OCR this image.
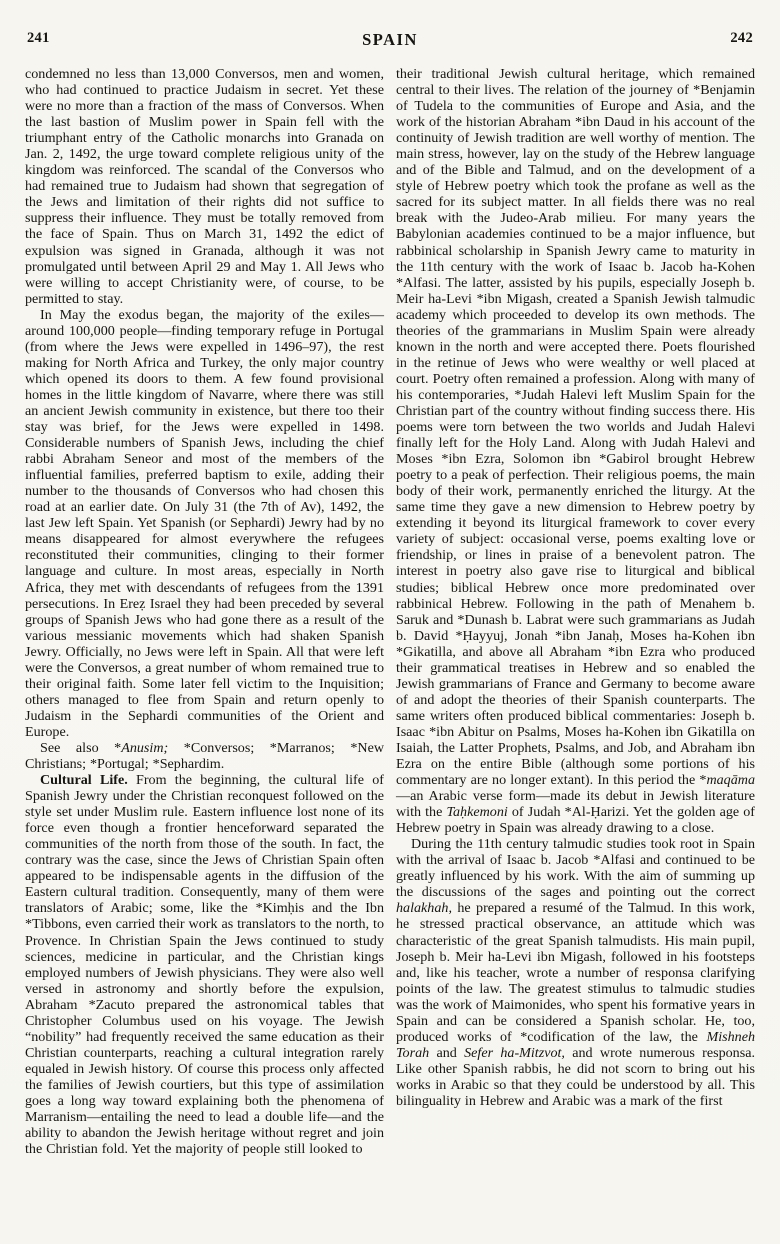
241	SPAIN	242

condemned no less than 13,000 Conversos, men and women, who had continued to practice Judaism in secret. Yet these were no more than a fraction of the mass of Conversos. When the last bastion of Muslim power in Spain fell with the triumphant entry of the Catholic monarchs into Granada on Jan. 2, 1492, the urge toward complete religious unity of the kingdom was reinforced. The scandal of the Conversos who had remained true to Judaism had shown that segregation of the Jews and limitation of their rights did not suffice to suppress their influence. They must be totally removed from the face of Spain. Thus on March 31, 1492 the edict of expulsion was signed in Granada, although it was not promulgated until between April 29 and May 1. All Jews who were willing to accept Christianity were, of course, to be permitted to stay.

In May the exodus began, the majority of the exiles—around 100,000 people—finding temporary refuge in Portugal (from where the Jews were expelled in 1496–97), the rest making for North Africa and Turkey, the only major country which opened its doors to them. A few found provisional homes in the little kingdom of Navarre, where there was still an ancient Jewish community in existence, but there too their stay was brief, for the Jews were expelled in 1498. Considerable numbers of Spanish Jews, including the chief rabbi Abraham Seneor and most of the members of the influential families, preferred baptism to exile, adding their number to the thousands of Conversos who had chosen this road at an earlier date. On July 31 (the 7th of Av), 1492, the last Jew left Spain. Yet Spanish (or Sephardi) Jewry had by no means disappeared for almost everywhere the refugees reconstituted their communities, clinging to their former language and culture. In most areas, especially in North Africa, they met with descendants of refugees from the 1391 persecutions. In Ereẓ Israel they had been preceded by several groups of Spanish Jews who had gone there as a result of the various messianic movements which had shaken Spanish Jewry. Officially, no Jews were left in Spain. All that were left were the Conversos, a great number of whom remained true to their original faith. Some later fell victim to the Inquisition; others managed to flee from Spain and return openly to Judaism in the Sephardi communities of the Orient and Europe.

See also *Anusim; *Conversos; *Marranos; *New Christians; *Portugal; *Sephardim.

Cultural Life. From the beginning, the cultural life of Spanish Jewry under the Christian reconquest followed on the style set under Muslim rule. Eastern influence lost none of its force even though a frontier henceforward separated the communities of the north from those of the south. In fact, the contrary was the case, since the Jews of Christian Spain often appeared to be indispensable agents in the diffusion of the Eastern cultural tradition. Consequently, many of them were translators of Arabic; some, like the *Kimḥis and the Ibn *Tibbons, even carried their work as translators to the north, to Provence. In Christian Spain the Jews continued to study sciences, medicine in particular, and the Christian kings employed numbers of Jewish physicians. They were also well versed in astronomy and shortly before the expulsion, Abraham *Zacuto prepared the astronomical tables that Christopher Columbus used on his voyage. The Jewish “nobility” had frequently received the same education as their Christian counterparts, reaching a cultural integration rarely equaled in Jewish history. Of course this process only affected the families of Jewish courtiers, but this type of assimilation goes a long way toward explaining both the phenomena of Marranism—entailing the need to lead a double life—and the ability to abandon the Jewish heritage without regret and join the Christian fold. Yet the majority of people still looked to

their traditional Jewish cultural heritage, which remained central to their lives. The relation of the journey of *Benjamin of Tudela to the communities of Europe and Asia, and the work of the historian Abraham *ibn Daud in his account of the continuity of Jewish tradition are well worthy of mention. The main stress, however, lay on the study of the Hebrew language and of the Bible and Talmud, and on the development of a style of Hebrew poetry which took the profane as well as the sacred for its subject matter. In all fields there was no real break with the Judeo-Arab milieu. For many years the Babylonian academies continued to be a major influence, but rabbinical scholarship in Spanish Jewry came to maturity in the 11th century with the work of Isaac b. Jacob ha-Kohen *Alfasi. The latter, assisted by his pupils, especially Joseph b. Meir ha-Levi *ibn Migash, created a Spanish Jewish talmudic academy which proceeded to develop its own methods. The theories of the grammarians in Muslim Spain were already known in the north and were accepted there. Poets flourished in the retinue of Jews who were wealthy or well placed at court. Poetry often remained a profession. Along with many of his contemporaries, *Judah Halevi left Muslim Spain for the Christian part of the country without finding success there. His poems were torn between the two worlds and Judah Halevi finally left for the Holy Land. Along with Judah Halevi and Moses *ibn Ezra, Solomon ibn *Gabirol brought Hebrew poetry to a peak of perfection. Their religious poems, the main body of their work, permanently enriched the liturgy. At the same time they gave a new dimension to Hebrew poetry by extending it beyond its liturgical framework to cover every variety of subject: occasional verse, poems exalting love or friendship, or lines in praise of a benevolent patron. The interest in poetry also gave rise to liturgical and biblical studies; biblical Hebrew once more predominated over rabbinical Hebrew. Following in the path of Menahem b. Saruk and *Dunash b. Labrat were such grammarians as Judah b. David *Ḥayyuj, Jonah *ibn Janaḥ, Moses ha-Kohen ibn *Gikatilla, and above all Abraham *ibn Ezra who produced their grammatical treatises in Hebrew and so enabled the Jewish grammarians of France and Germany to become aware of and adopt the theories of their Spanish counterparts. The same writers often produced biblical commentaries: Joseph b. Isaac *ibn Abitur on Psalms, Moses ha-Kohen ibn Gikatilla on Isaiah, the Latter Prophets, Psalms, and Job, and Abraham ibn Ezra on the entire Bible (although some portions of his commentary are no longer extant). In this period the *maqāma—an Arabic verse form—made its debut in Jewish literature with the Taḥkemoni of Judah *Al-Ḥarizi. Yet the golden age of Hebrew poetry in Spain was already drawing to a close.

During the 11th century talmudic studies took root in Spain with the arrival of Isaac b. Jacob *Alfasi and continued to be greatly influenced by his work. With the aim of summing up the discussions of the sages and pointing out the correct halakhah, he prepared a resumé of the Talmud. In this work, he stressed practical observance, an attitude which was characteristic of the great Spanish talmudists. His main pupil, Joseph b. Meir ha-Levi ibn Migash, followed in his footsteps and, like his teacher, wrote a number of responsa clarifying points of the law. The greatest stimulus to talmudic studies was the work of Maimonides, who spent his formative years in Spain and can be considered a Spanish scholar. He, too, produced works of *codification of the law, the Mishneh Torah and Sefer ha-Mitzvot, and wrote numerous responsa. Like other Spanish rabbis, he did not scorn to bring out his works in Arabic so that they could be understood by all. This bilinguality in Hebrew and Arabic was a mark of the first
